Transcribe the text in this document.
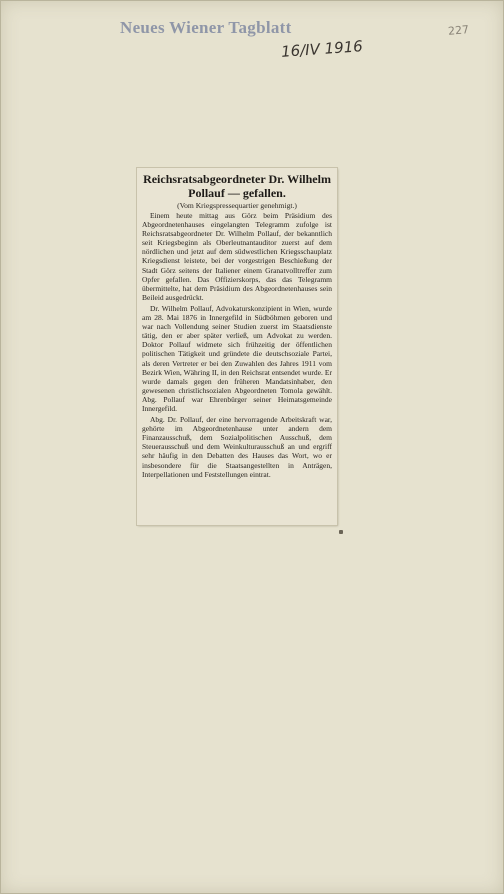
Neues Wiener Tagblatt
16/IV 1916
227
Reichsratsabgeordneter Dr. Wilhelm
Pollauf — gefallen.

(Vom Kriegspressequartier genehmigt.)

Einem heute mittag aus Görz beim Präsidium des Abgeordnetenhauses eingelangten Telegramm zufolge ist Reichsratsabgeordneter Dr. Wilhelm Pollauf, der bekanntlich seit Kriegsbeginn als Oberleutnantauditor zuerst auf dem nördlichen und jetzt auf dem südwestlichen Kriegsschauplatz Kriegsdienst leistete, bei der vorgestrigen Beschießung der Stadt Görz seitens der Italiener einem Granatvolltreffer zum Opfer gefallen. Das Offizierskorps, das das Telegramm übermittelte, hat dem Präsidium des Abgeordnetenhauses sein Beileid ausgedrückt.

Dr. Wilhelm Pollauf, Advokaturskonzipient in Wien, wurde am 28. Mai 1876 in Innergefild in Südböhmen geboren und war nach Vollendung seiner Studien zuerst im Staatsdienste tätig, den er aber später verließ, um Advokat zu werden. Doktor Pollauf widmete sich frühzeitig der öffentlichen politischen Tätigkeit und gründete die deutschsoziale Partei, als deren Vertreter er bei den Zuwahlen des Jahres 1911 vom Bezirk Wien, Währing II, in den Reichsrat entsendet wurde. Er wurde damals gegen den früheren Mandatsinhaber, den gewesenen christlichsozialen Abgeordneten Tomola gewählt. Abg. Pollauf war Ehrenbürger seiner Heimatsgemeinde Innergefild.

Abg. Dr. Pollauf, der eine hervorragende Arbeitskraft war, gehörte im Abgeordnetenhause unter andern dem Finanzausschuß, dem Sozialpolitischen Ausschuß, dem Steuerausschuß und dem Weinkulturausschuß an und ergriff sehr häufig in den Debatten des Hauses das Wort, wo er insbesondere für die Staatsangestellten in Anträgen, Interpellationen und Feststellungen eintrat.
